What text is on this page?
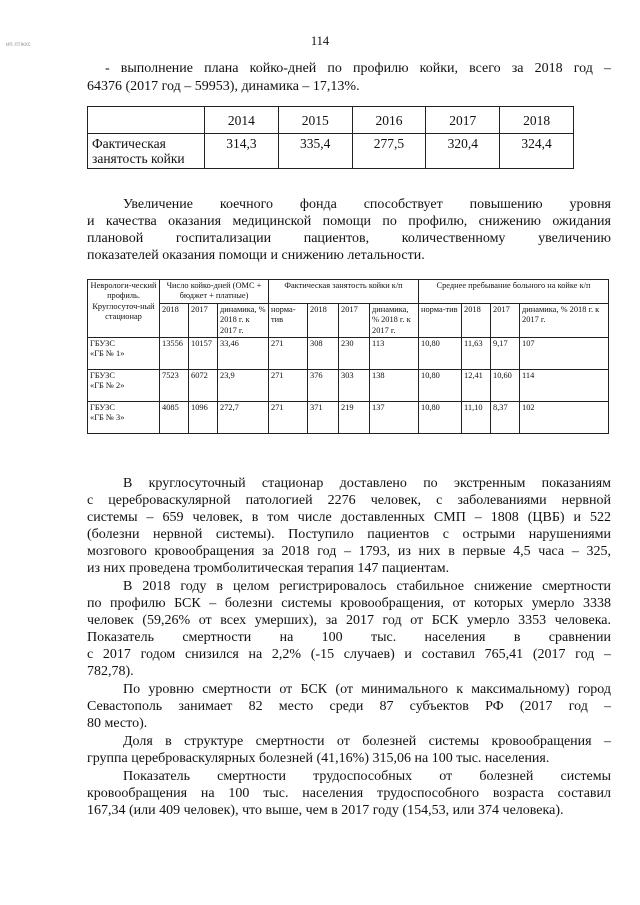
ип лтжхс	114

- выполнение плана койко-дней по профилю койки, всего за 2018 год –

64376 (2017 год – 59953), динамика – 17,13%.

	2014	2015	2016	2017	2018

Фактическая
занятость койки	314,3	335,4	277,5	320,4	324,4

Увеличение коечного фонда способствует повышению уровня

и качества оказания медицинской помощи по профилю, снижению ожидания

плановой госпитализации пациентов, количественному увеличению

показателей оказания помощи и снижению летальности.

Неврологи-ческий профиль. Круглосуточ-ный стационар	Число койко-дней (ОМС + бюджет + платные)			Фактическая занятость койки к/п				Среднее пребывание больного на койке к/п			
	2018	2017	динамика, % 2018 г. к 2017 г.	норма-тив	2018	2017	динамика, % 2018 г. к 2017 г.	норма-тив	2018	2017	динамика, % 2018 г. к 2017 г.

ГБУЗС
«ГБ № 1»	13556	10157	33,46	271	308	230	113	10,80	11,63	9,17	107

ГБУЗС
«ГБ № 2»	7523	6072	23,9	271	376	303	138	10,80	12,41	10,60	114

ГБУЗС
«ГБ № 3»	4085	1096	272,7	271	371	219	137	10,80	11,10	8,37	102

В круглосуточный стационар доставлено по экстренным показаниям

с цереброваскулярной патологией 2276 человек, с заболеваниями нервной

системы – 659 человек, в том числе доставленных СМП – 1808 (ЦВБ) и 522

(болезни нервной системы). Поступило пациентов с острыми нарушениями

мозгового кровообращения за 2018 год – 1793, из них в первые 4,5 часа – 325,

из них проведена тромболитическая терапия 147 пациентам.

В 2018 году в целом регистрировалось стабильное снижение смертности

по профилю БСК – болезни системы кровообращения, от которых умерло 3338

человек (59,26% от всех умерших), за 2017 год от БСК умерло 3353 человека.

Показатель смертности на 100 тыс. населения в сравнении

с 2017 годом снизился на 2,2% (-15 случаев) и составил 765,41 (2017 год –

782,78).

По уровню смертности от БСК (от минимального к максимальному) город

Севастополь занимает 82 место среди 87 субъектов РФ (2017 год –

80 место).

Доля в структуре смертности от болезней системы кровообращения –

группа цереброваскулярных болезней (41,16%) 315,06 на 100 тыс. населения.

Показатель смертности трудоспособных от болезней системы

кровообращения на 100 тыс. населения трудоспособного возраста составил

167,34 (или 409 человек), что выше, чем в 2017 году (154,53, или 374 человека).
